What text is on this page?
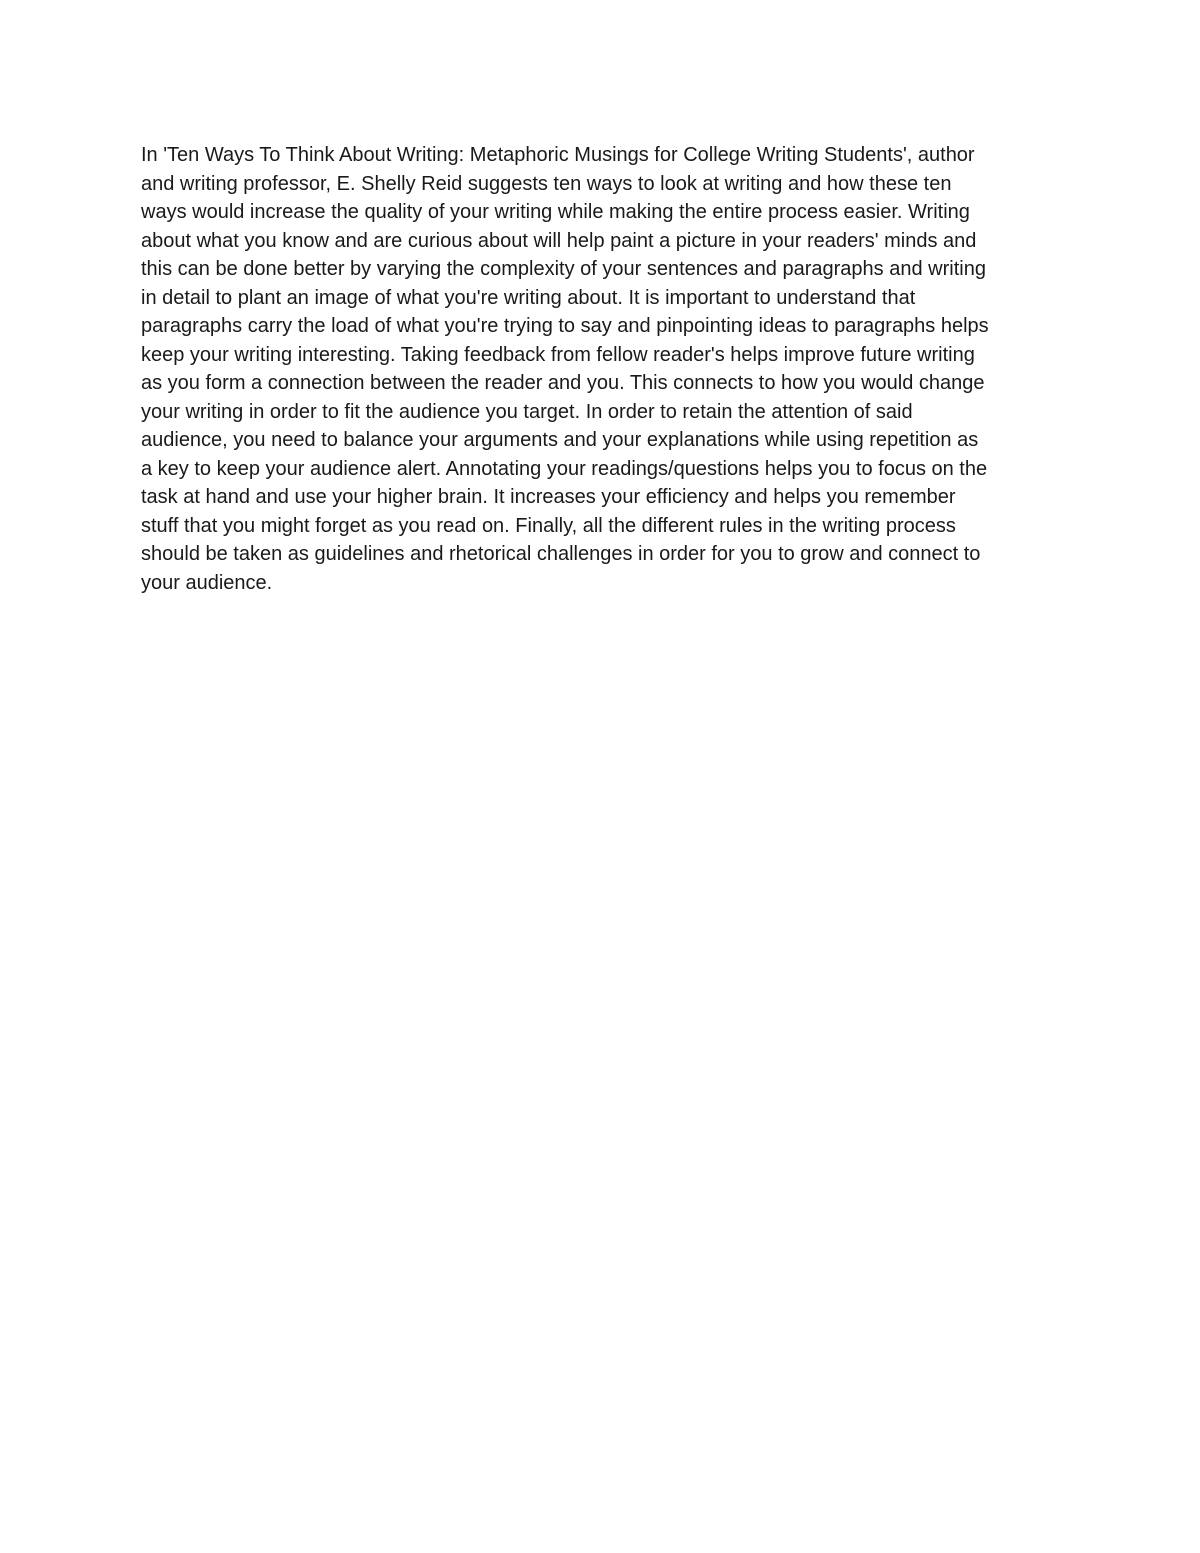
In 'Ten Ways To Think About Writing: Metaphoric Musings for College Writing Students', author
and writing professor, E. Shelly Reid suggests ten ways to look at writing and how these ten
ways would increase the quality of your writing while making the entire process easier. Writing
about what you know and are curious about will help paint a picture in your readers' minds and
this can be done better by varying the complexity of your sentences and paragraphs and writing
in detail to plant an image of what you're writing about. It is important to understand that
paragraphs carry the load of what you're trying to say and pinpointing ideas to paragraphs helps
keep your writing interesting. Taking feedback from fellow reader's helps improve future writing
as you form a connection between the reader and you. This connects to how you would change
your writing in order to fit the audience you target. In order to retain the attention of said
audience, you need to balance your arguments and your explanations while using repetition as
a key to keep your audience alert. Annotating your readings/questions helps you to focus on the
task at hand and use your higher brain. It increases your efficiency and helps you remember
stuff that you might forget as you read on. Finally, all the different rules in the writing process
should be taken as guidelines and rhetorical challenges in order for you to grow and connect to
your audience.
